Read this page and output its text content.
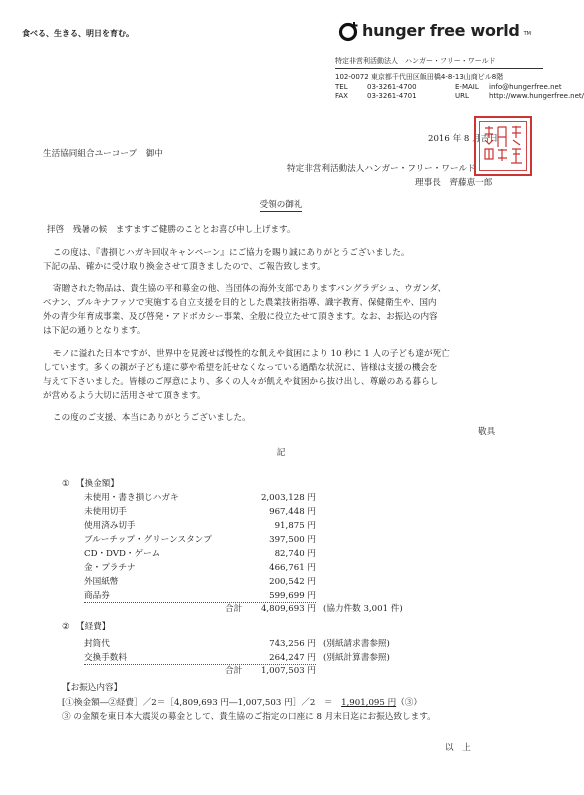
食べる、生きる、明日を育む。	hunger free world TM
特定非営利活動法人　ハンガー・フリー・ワールド
102-0072 東京都千代田区飯田橋4-8-13山商ビル8階
TEL	03-3261-4700	E-MAIL	info@hungerfree.net
FAX	03-3261-4701	URL	http://www.hungerfree.net/
2016 年 8 月吉日
生活協同組合ユーコープ　御中
特定非営利活動法人ハンガー・フリー・ワールド
理事長　齊藤恵一郎
受領の御礼
拝啓　残暑の候　ますますご健勝のこととお喜び申し上げます。
この度は、『書損じハガキ回収キャンペーン』にご協力を賜り誠にありがとうございました。
下記の品、確かに受け取り換金させて頂きましたので、ご報告致します。
寄贈された物品は、貴生協の平和募金の他、当団体の海外支部でありますバングラデシュ、ウガンダ、
ベナン、ブルキナファソで実施する自立支援を目的とした農業技術指導、識字教育、保健衛生や、国内
外の青少年育成事業、及び啓発・アドボカシー事業、全般に役立たせて頂きます。なお、お振込の内容
は下記の通りとなります。
モノに溢れた日本ですが、世界中を見渡せば慢性的な飢えや貧困により 10 秒に 1 人の子ども達が死亡
しています。多くの親が子ども達に夢や希望を託せなくなっている過酷な状況に、皆様は支援の機会を
与えて下さいました。皆様のご厚意により、多くの人々が飢えや貧困から抜け出し、尊厳のある暮らし
が営めるよう大切に活用させて頂きます。
この度のご支援、本当にありがとうございました。
敬具
記
① 【換金額】
未使用・書き損じハガキ	2,003,128 円
未使用切手	967,448 円
使用済み切手	91,875 円
ブルーチップ・グリーンスタンプ	397,500 円
CD・DVD・ゲーム	82,740 円
金・プラチナ	466,761 円
外国紙幣	200,542 円
商品券	599,699 円
合計	4,809,693 円 (協力件数 3,001 件)
② 【経費】
封筒代	743,256 円 (別紙請求書参照)
交換手数料	264,247 円 (別紙計算書参照)
合計	1,007,503 円
【お振込内容】
[①換金額―②経費］／2＝［4,809,693 円―1,007,503 円］／2　＝　1,901,095 円（③）
③ の金額を東日本大震災の募金として、貴生協のご指定の口座に 8 月末日迄にお振込致します。
以　上
